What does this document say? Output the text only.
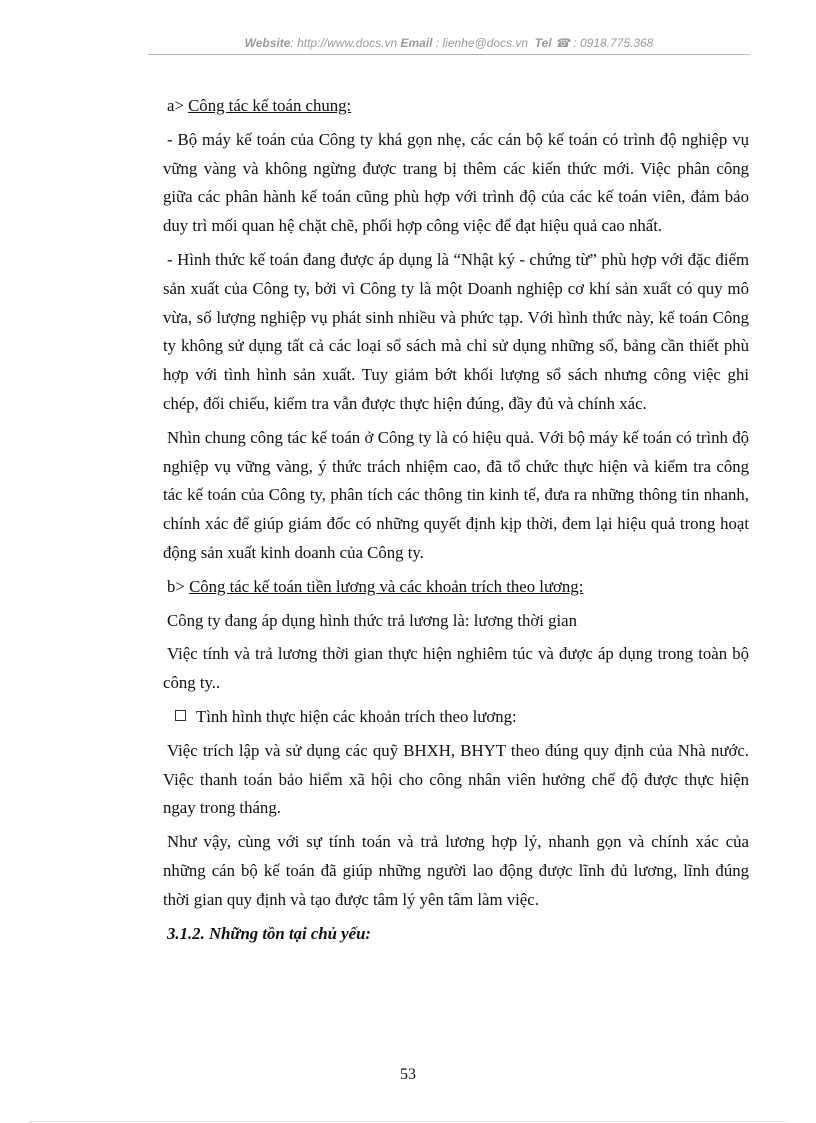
Website: http://www.docs.vn Email : lienhe@docs.vn Tel ☎ : 0918.775.368

a> Công tác kế toán chung:

- Bộ máy kế toán của Công ty khá gọn nhẹ, các cán bộ kế toán có trình độ nghiệp vụ vững vàng và không ngừng được trang bị thêm các kiến thức mới. Việc phân công giữa các phân hành kế toán cũng phù hợp với trình độ của các kế toán viên, đảm bảo duy trì mối quan hệ chặt chẽ, phối hợp công việc để đạt hiệu quả cao nhất.

- Hình thức kế toán đang được áp dụng là “Nhật ký - chứng từ” phù hợp với đặc điểm sản xuất của Công ty, bởi vì Công ty là một Doanh nghiệp cơ khí sản xuất có quy mô vừa, số lượng nghiệp vụ phát sinh nhiều và phức tạp. Với hình thức này, kế toán Công ty không sử dụng tất cả các loại sổ sách mà chỉ sử dụng những sổ, bảng cần thiết phù hợp với tình hình sản xuất. Tuy giảm bớt khối lượng sổ sách nhưng công việc ghi chép, đối chiếu, kiểm tra vẫn được thực hiện đúng, đầy đủ và chính xác.

Nhìn chung công tác kế toán ở Công ty là có hiệu quả. Với bộ máy kế toán có trình độ nghiệp vụ vững vàng, ý thức trách nhiệm cao, đã tổ chức thực hiện và kiểm tra công tác kế toán của Công ty, phân tích các thông tin kinh tế, đưa ra những thông tin nhanh, chính xác để giúp giám đốc có những quyết định kịp thời, đem lại hiệu quả trong hoạt động sản xuất kinh doanh của Công ty.

b> Công tác kế toán tiền lương và các khoản trích theo lương:

Công ty đang áp dụng hình thức trả lương là: lương thời gian

Việc tính và trả lương thời gian thực hiện nghiêm túc và được áp dụng trong toàn bộ công ty..

Tình hình thực hiện các khoản trích theo lương:

Việc trích lập và sử dụng các quỹ BHXH, BHYT theo đúng quy định của Nhà nước. Việc thanh toán bảo hiểm xã hội cho công nhân viên hưởng chế độ được thực hiện ngay trong tháng.

Như vậy, cùng với sự tính toán và trả lương hợp lý, nhanh gọn và chính xác của những cán bộ kế toán đã giúp những người lao động được lĩnh đủ lương, lĩnh đúng thời gian quy định và tạo được tâm lý yên tâm làm việc.

3.1.2. Những tồn tại chủ yếu:

53
